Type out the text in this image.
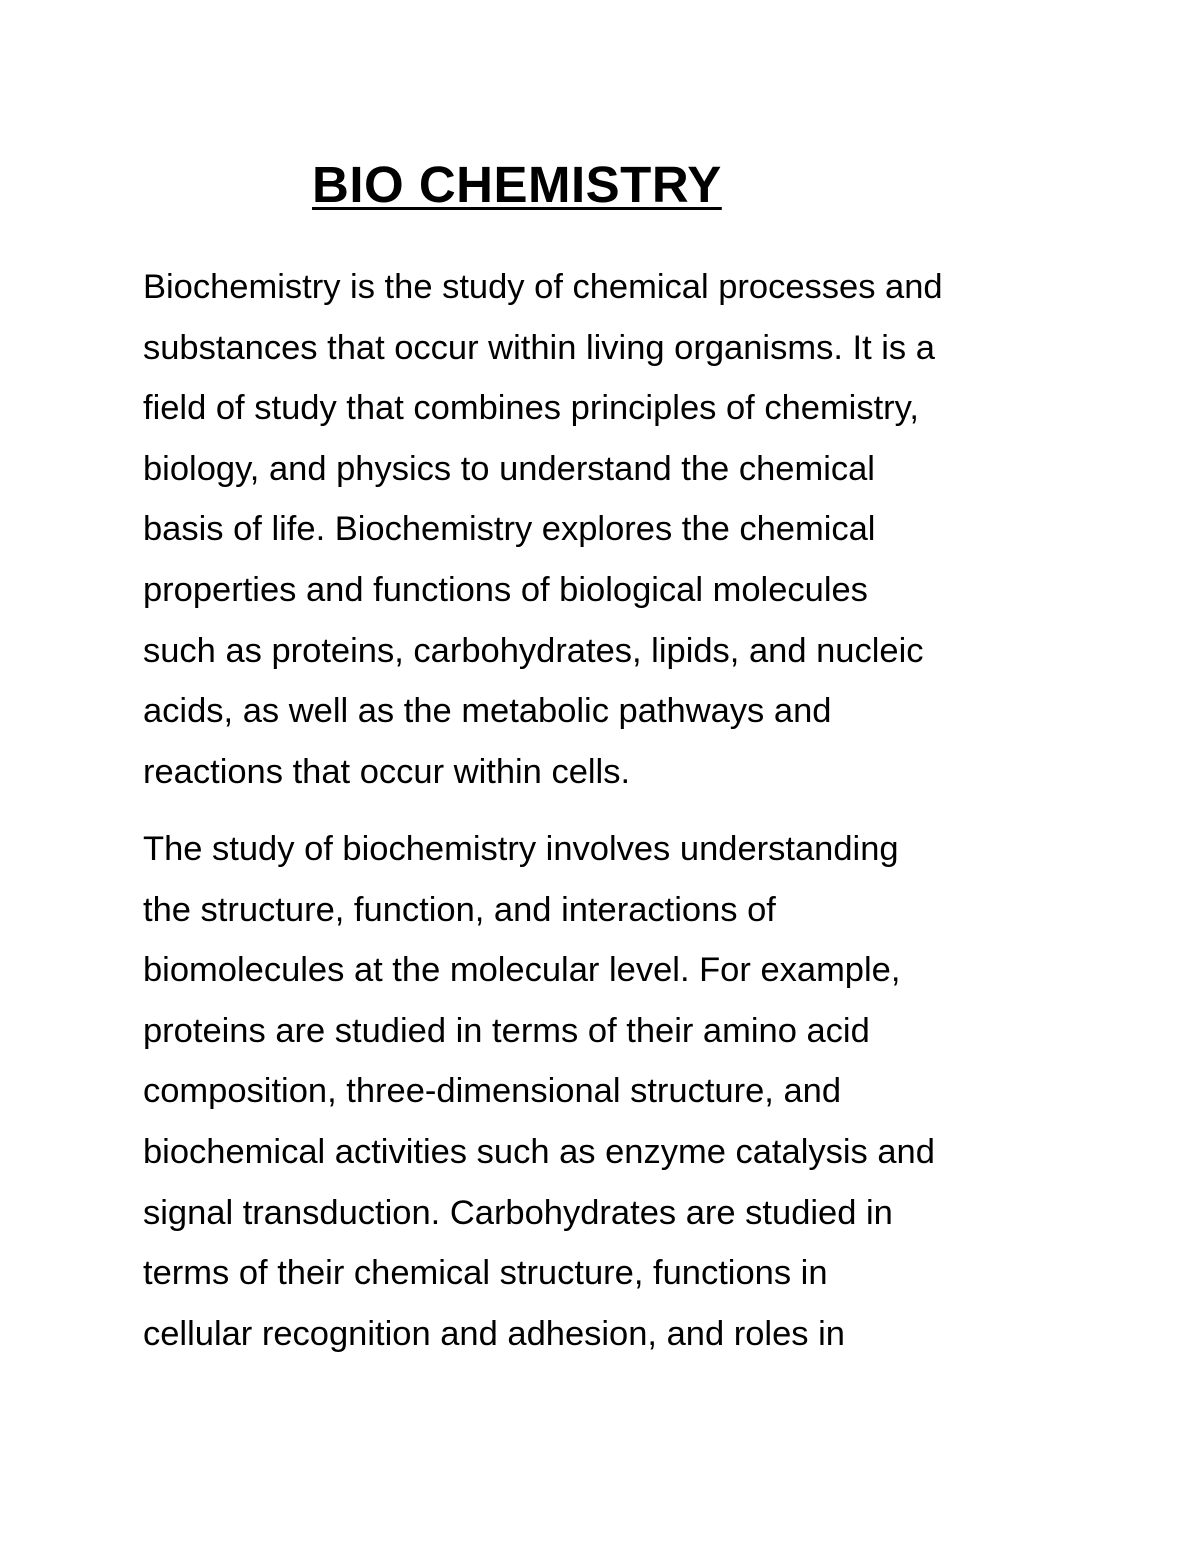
BIO CHEMISTRY

Biochemistry is the study of chemical processes and
substances that occur within living organisms. It is a
field of study that combines principles of chemistry,
biology, and physics to understand the chemical
basis of life. Biochemistry explores the chemical
properties and functions of biological molecules
such as proteins, carbohydrates, lipids, and nucleic
acids, as well as the metabolic pathways and
reactions that occur within cells.

The study of biochemistry involves understanding
the structure, function, and interactions of
biomolecules at the molecular level. For example,
proteins are studied in terms of their amino acid
composition, three-dimensional structure, and
biochemical activities such as enzyme catalysis and
signal transduction. Carbohydrates are studied in
terms of their chemical structure, functions in
cellular recognition and adhesion, and roles in
